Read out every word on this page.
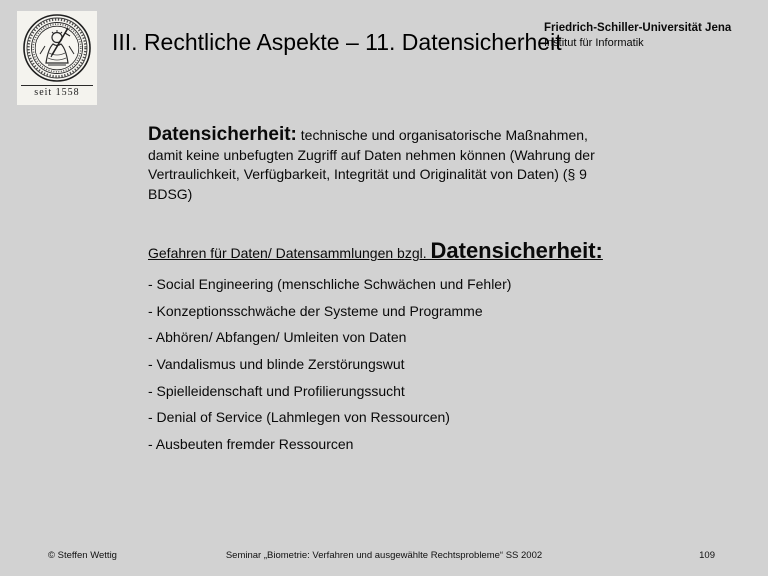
seit 1558
III. Rechtliche Aspekte – 11. Datensicherheit
Friedrich-Schiller-Universität Jena
Institut für Informatik
Datensicherheit: technische und organisatorische Maßnahmen, damit keine unbefugten Zugriff auf Daten nehmen können (Wahrung der Vertraulichkeit, Verfügbarkeit, Integrität und Originalität von Daten) (§ 9 BDSG)
Gefahren für Daten/ Datensammlungen bzgl. Datensicherheit:
- Social Engineering (menschliche Schwächen und Fehler)
- Konzeptionsschwäche der Systeme und Programme
- Abhören/ Abfangen/ Umleiten von Daten
- Vandalismus und blinde Zerstörungswut
- Spielleidenschaft und Profilierungssucht
- Denial of Service (Lahmlegen von Ressourcen)
- Ausbeuten fremder Ressourcen
© Steffen Wettig	Seminar „Biometrie: Verfahren und ausgewählte Rechtsprobleme“ SS 2002	109
